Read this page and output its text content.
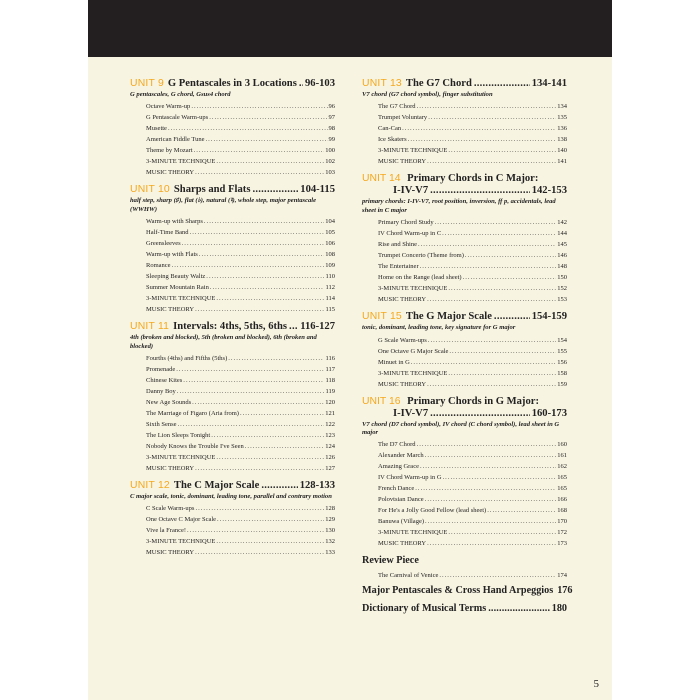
UNIT 9 G Pentascales in 3 Locations . . . 96-103
G pentascales, G chord, Gsus4 chord
Octave Warm-up . . .	96
G Pentascale Warm-ups . . .	97
Musette . . .	98
American Fiddle Tune . . .	99
Theme by Mozart . . .	100
3-MINUTE TECHNIQUE . . .	102
MUSIC THEORY . . .	103
UNIT 10 Sharps and Flats . . .	104-115
half step, sharp (♯), flat (♭), natural (♮), whole step, major pentascale (WWHW)
Warm-up with Sharps . . .	104
Half-Time Band . . .	105
Greensleeves . . .	106
Warm-up with Flats . . .	108
Romance . . .	109
Sleeping Beauty Waltz . . .	110
Summer Mountain Rain . . .	112
3-MINUTE TECHNIQUE . . .	114
MUSIC THEORY . . .	115
UNIT 11 Intervals: 4ths, 5ths, 6ths . . . 116-127
4th (broken and blocked), 5th (broken and blocked), 6th (broken and blocked)
Fourths (4ths) and Fifths (5ths) . . .	116
Promenade . . .	117
Chinese Kites . . .	118
Danny Boy . . .	119
New Age Sounds . . .	120
The Marriage of Figaro (Aria from) . . .	121
Sixth Sense . . .	122
The Lion Sleeps Tonight . . .	123
Nobody Knows the Trouble I've Seen . . .	124
3-MINUTE TECHNIQUE . . .	126
MUSIC THEORY . . .	127
UNIT 12 The C Major Scale . . .	128-133
C major scale, tonic, dominant, leading tone, parallel and contrary motion
C Scale Warm-ups . . .	128
One Octave C Major Scale . . .	129
Vive la France! . . .	130
3-MINUTE TECHNIQUE . . .	132
MUSIC THEORY . . .	133
UNIT 13 The G7 Chord . . .	134-141
V7 chord (G7 chord symbol), finger substitution
The G7 Chord . . .	134
Trumpet Voluntary . . .	135
Can-Can . . .	136
Ice Skaters . . .	138
3-MINUTE TECHNIQUE . . .	140
MUSIC THEORY . . .	141
UNIT 14 Primary Chords in C Major:
I-IV-V7 . . .	142-153
primary chords: I-IV-V7, root position, inversion, ff p, accidentals, lead sheet in C major
Primary Chord Study . . .	142
IV Chord Warm-up in C . . .	144
Rise and Shine . . .	145
Trumpet Concerto (Theme from) . . .	146
The Entertainer . . .	148
Home on the Range (lead sheet) . . .	150
3-MINUTE TECHNIQUE . . .	152
MUSIC THEORY . . .	153
UNIT 15 The G Major Scale . . .	154-159
tonic, dominant, leading tone, key signature for G major
G Scale Warm-ups . . .	154
One Octave G Major Scale . . .	155
Minuet in G . . .	156
3-MINUTE TECHNIQUE . . .	158
MUSIC THEORY . . .	159
UNIT 16 Primary Chords in G Major:
I-IV-V7 . . .	160-173
V7 chord (D7 chord symbol), IV chord (C chord symbol), lead sheet in G major
The D7 Chord . . .	160
Alexander March . . .	161
Amazing Grace . . .	162
IV Chord Warm-up in G . . .	165
French Dance . . .	165
Polovtsian Dance . . .	166
For He's a Jolly Good Fellow (lead sheet) . . .	168
Banuwa (Village) . . .	170
3-MINUTE TECHNIQUE . . .	172
MUSIC THEORY . . .	173
Review Piece
The Carnival of Venice . . .	174
Major Pentascales & Cross Hand Arpeggios 176
Dictionary of Musical Terms . . .	180
5
